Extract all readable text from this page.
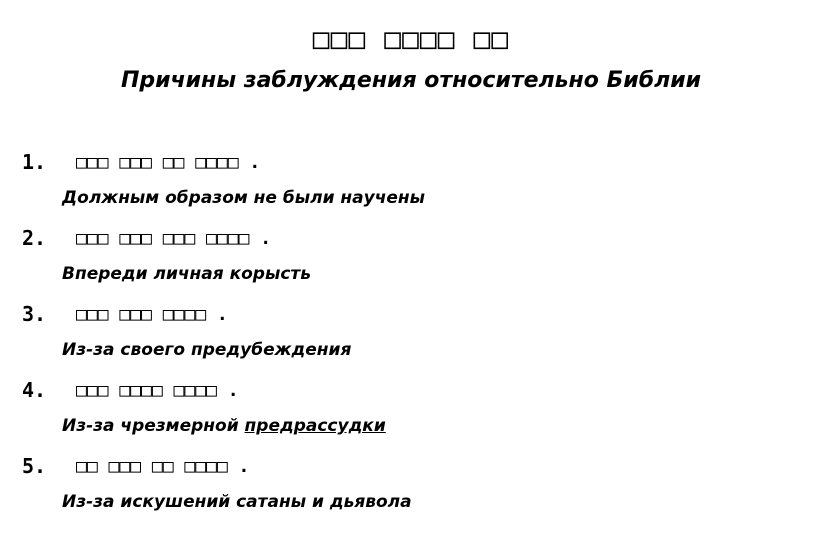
□□□ □□□□ □□
Причины заблуждения относительно Библии
1. □□□ □□□ □□ □□□□ .
Должным образом не были научены
2. □□□ □□□ □□□ □□□□ .
Впереди личная корысть
3. □□□ □□□ □□□□ .
Из-за своего предубеждения
4. □□□ □□□□ □□□□ .
Из-за чрезмерной предрассудки
5. □□ □□□ □□ □□□□ .
Из-за искушений сатаны и дьявола
